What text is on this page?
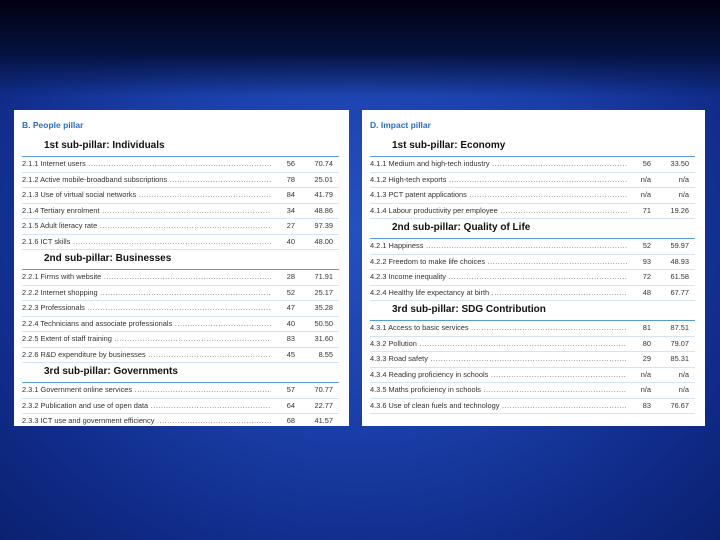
B. People pillar
1st sub-pillar: Individuals
2.1.1 Internet users .....	56	70.74
2.1.2 Active mobile-broadband subscriptions .....	78	25.01
2.1.3 Use of virtual social networks .....	84	41.79
2.1.4 Tertiary enrolment .....	34	48.86
2.1.5 Adult literacy rate .....	27	97.39
2.1.6 ICT skills .....	40	48.00
2nd sub-pillar: Businesses
2.2.1 Firms with website .....	28	71.91
2.2.2 Internet shopping .....	52	25.17
2.2.3 Professionals .....	47	35.28
2.2.4 Technicians and associate professionals .....	40	50.50
2.2.5 Extent of staff training .....	83	31.60
2.2.6 R&D expenditure by businesses .....	45	8.55
3rd sub-pillar: Governments
2.3.1 Government online services .....	57	70.77
2.3.2 Publication and use of open data .....	64	22.77
2.3.3 ICT use and government efficiency .....	68	41.57
D. Impact pillar
1st sub-pillar: Economy
4.1.1 Medium and high-tech industry .....	56	33.50
4.1.2 High-tech exports .....	n/a	n/a
4.1.3 PCT patent applications .....	n/a	n/a
4.1.4 Labour productivity per employee .....	71	19.26
2nd sub-pillar: Quality of Life
4.2.1 Happiness .....	52	59.97
4.2.2 Freedom to make life choices .....	93	48.93
4.2.3 Income inequality .....	72	61.58
4.2.4 Healthy life expectancy at birth .....	48	67.77
3rd sub-pillar: SDG Contribution
4.3.1 Access to basic services .....	81	87.51
4.3.2 Pollution .....	80	79.07
4.3.3 Road safety .....	29	85.31
4.3.4 Reading proficiency in schools .....	n/a	n/a
4.3.5 Maths proficiency in schools .....	n/a	n/a
4.3.6 Use of clean fuels and technology .....	83	76.67
